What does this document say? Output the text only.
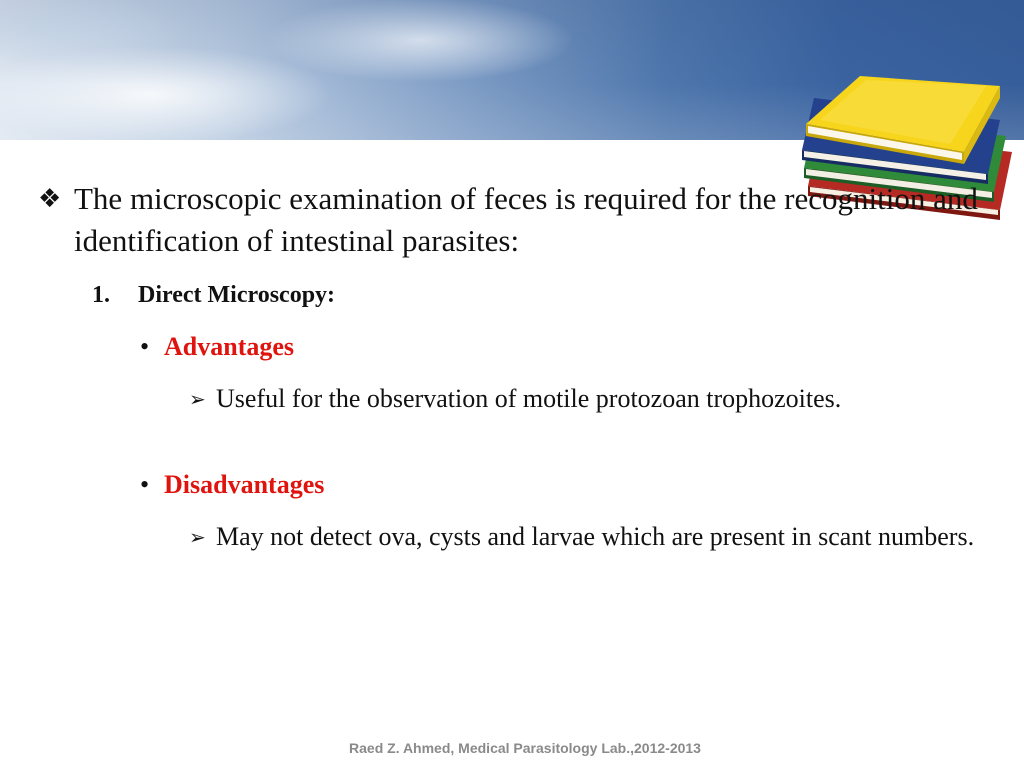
❖ The microscopic examination of feces is required for the recognition and identification of intestinal parasites:
1. Direct Microscopy:
• Advantages
➢ Useful for the observation of motile protozoan trophozoites.
• Disadvantages
➢ May not detect ova, cysts and larvae which are present in scant numbers.
Raed Z. Ahmed, Medical Parasitology Lab.,2012-2013
